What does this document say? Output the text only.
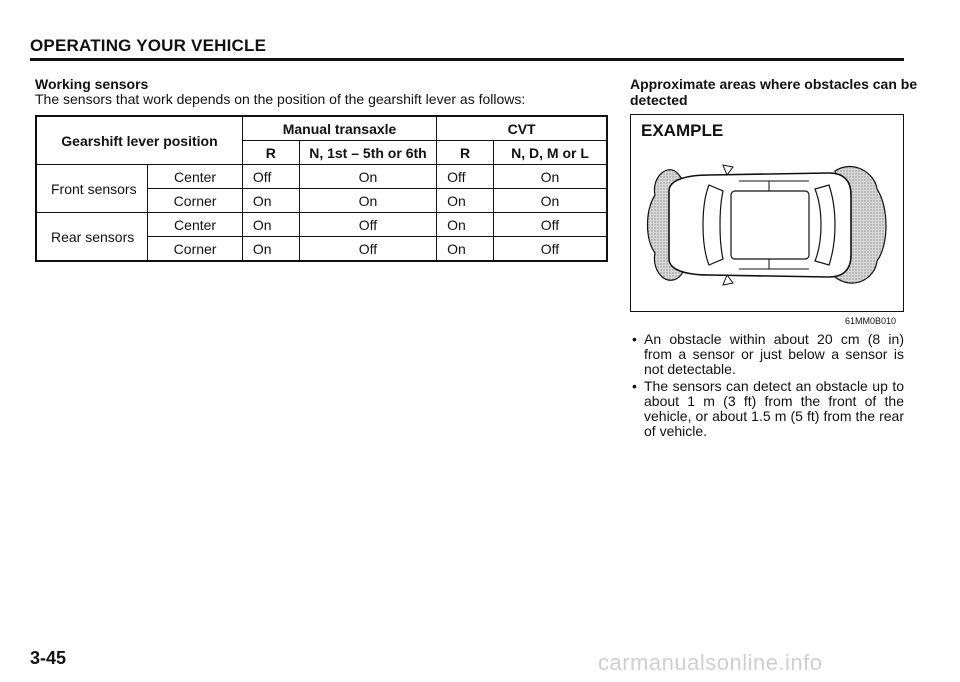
OPERATING YOUR VEHICLE
Working sensors
The sensors that work depends on the position of the gearshift lever as follows:
Gearshift lever position		Manual transaxle		CVT	
		R	N, 1st – 5th or 6th	R	N, D, M or L
Front sensors	Center	Off	On	Off	On
	Corner	On	On	On	On
Rear sensors	Center	On	Off	On	Off
	Corner	On	Off	On	Off
Approximate areas where obstacles can be detected
EXAMPLE
61MM0B010
• An obstacle within about 20 cm (8 in) from a sensor or just below a sensor is not detectable.
• The sensors can detect an obstacle up to about 1 m (3 ft) from the front of the vehicle, or about 1.5 m (5 ft) from the rear of vehicle.
3-45	carmanualsonline.info
